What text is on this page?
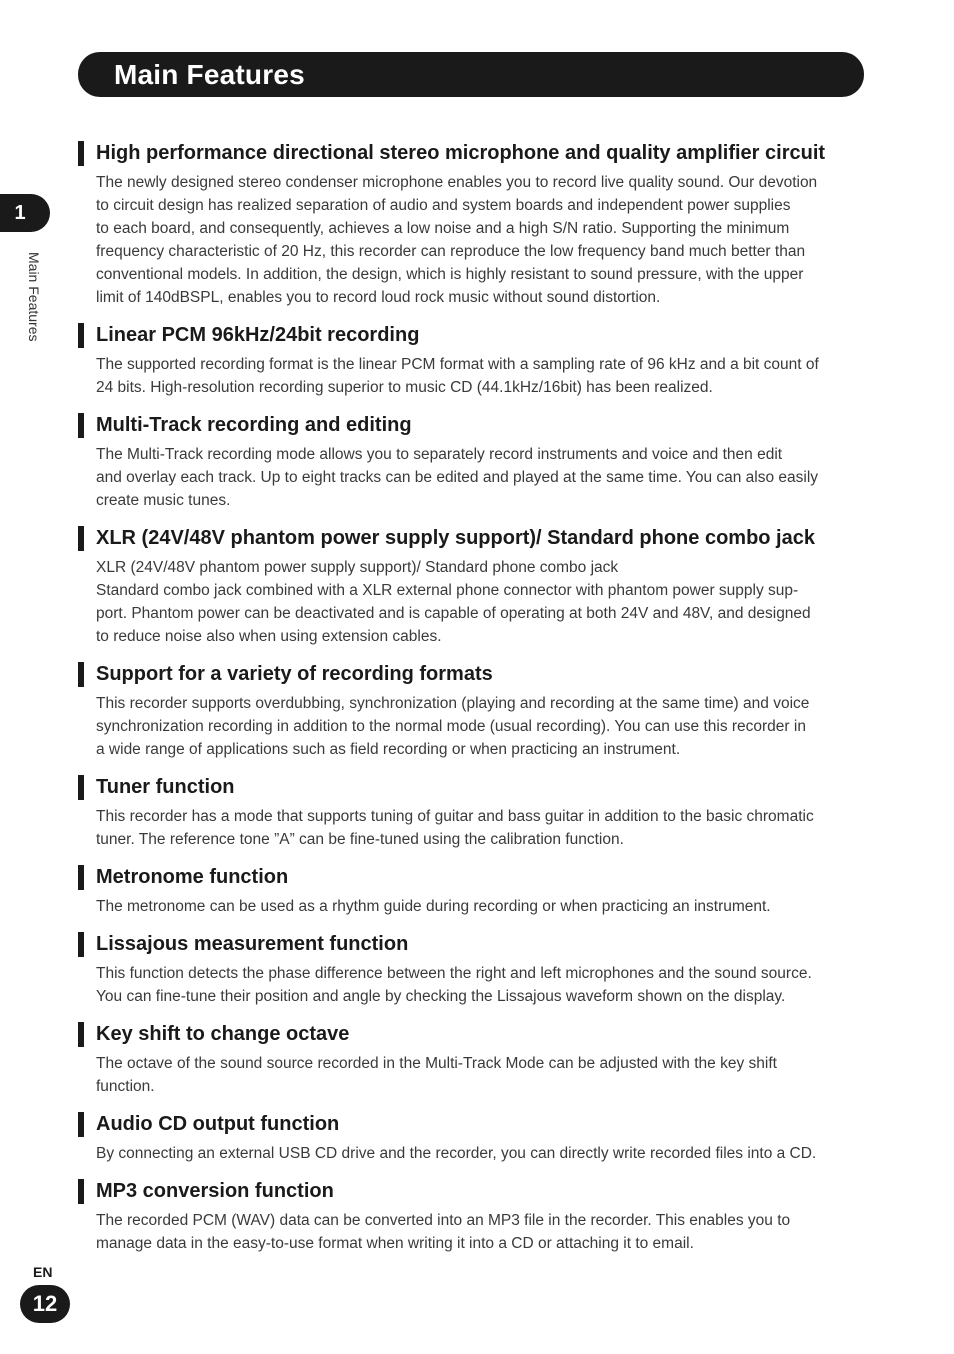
Main Features
1
Main Features
High performance directional stereo microphone and quality amplifier circuit

The newly designed stereo condenser microphone enables you to record live quality sound. Our devotion
to circuit design has realized separation of audio and system boards and independent power supplies
to each board, and consequently, achieves a low noise and a high S/N ratio. Supporting the minimum
frequency characteristic of 20 Hz, this recorder can reproduce the low frequency band much better than
conventional models. In addition, the design, which is highly resistant to sound pressure, with the upper
limit of 140dBSPL, enables you to record loud rock music without sound distortion.

Linear PCM 96kHz/24bit recording

The supported recording format is the linear PCM format with a sampling rate of 96 kHz and a bit count of
24 bits. High-resolution recording superior to music CD (44.1kHz/16bit) has been realized.

Multi-Track recording and editing

The Multi-Track recording mode allows you to separately record instruments and voice and then edit
and overlay each track. Up to eight tracks can be edited and played at the same time. You can also easily
create music tunes.

XLR (24V/48V phantom power supply support)/ Standard phone combo jack

XLR (24V/48V phantom power supply support)/ Standard phone combo jack
Standard combo jack combined with a XLR external phone connector with phantom power supply sup-
port. Phantom power can be deactivated and is capable of operating at both 24V and 48V, and designed
to reduce noise also when using extension cables.

Support for a variety of recording formats

This recorder supports overdubbing, synchronization (playing and recording at the same time) and voice
synchronization recording in addition to the normal mode (usual recording). You can use this recorder in
a wide range of applications such as field recording or when practicing an instrument.

Tuner function

This recorder has a mode that supports tuning of guitar and bass guitar in addition to the basic chromatic
tuner. The reference tone ”A” can be fine-tuned using the calibration function.

Metronome function

The metronome can be used as a rhythm guide during recording or when practicing an instrument.

Lissajous measurement function

This function detects the phase difference between the right and left microphones and the sound source.
You can fine-tune their position and angle by checking the Lissajous waveform shown on the display.

Key shift to change octave

The octave of the sound source recorded in the Multi-Track Mode can be adjusted with the key shift
function.

Audio CD output function

By connecting an external USB CD drive and the recorder, you can directly write recorded files into a CD.

MP3 conversion function

The recorded PCM (WAV) data can be converted into an MP3 file in the recorder. This enables you to
manage data in the easy-to-use format when writing it into a CD or attaching it to email.

EN
12
